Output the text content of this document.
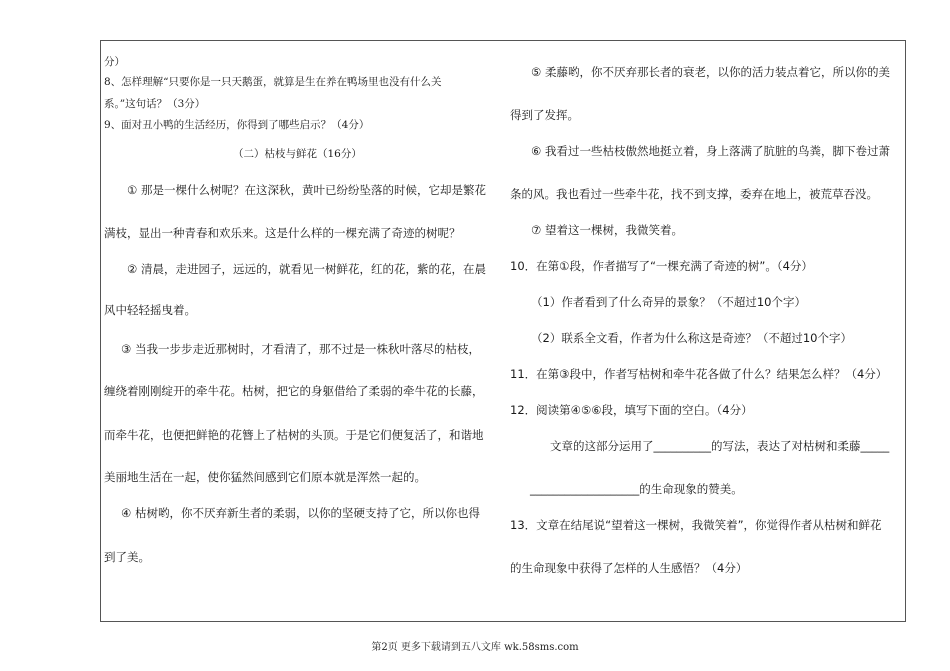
分）
8、怎样理解“只要你是一只天鹅蛋，就算是生在养在鸭场里也没有什么关
系。”这句话？（3分）
9、面对丑小鸭的生活经历，你得到了哪些启示？（4分）
（二）枯枝与鲜花（16分）
① 那是一棵什么树呢？在这深秋，黄叶已纷纷坠落的时候，它却是繁花
满枝，显出一种青春和欢乐来。这是什么样的一棵充满了奇迹的树呢？
② 清晨，走进园子，远远的，就看见一树鲜花，红的花，紫的花，在晨
风中轻轻摇曳着。
③ 当我一步步走近那树时，才看清了，那不过是一株秋叶落尽的枯枝，
缠绕着刚刚绽开的牵牛花。枯树，把它的身躯借给了柔弱的牵牛花的长藤，
而牵牛花，也便把鲜艳的花簪上了枯树的头顶。于是它们便复活了，和谐地
美丽地生活在一起，使你猛然间感到它们原本就是浑然一起的。
④ 枯树哟，你不厌弃新生者的柔弱，以你的坚硬支持了它，所以你也得
到了美。
⑤ 柔藤哟，你不厌弃那长者的衰老，以你的活力装点着它，所以你的美
得到了发挥。
⑥ 我看过一些枯枝傲然地挺立着，身上落满了肮脏的鸟粪，脚下卷过萧
条的风。我也看过一些牵牛花，找不到支撑，委弃在地上，被荒草吞没。
⑦ 望着这一棵树，我微笑着。
10．在第①段，作者描写了“一棵充满了奇迹的树”。（4分）
（1）作者看到了什么奇异的景象？（不超过10个字）
（2）联系全文看，作者为什么称这是奇迹？（不超过10个字）
11．在第③段中，作者写枯树和牵牛花各做了什么？结果怎么样？（4分）
12．阅读第④⑤⑥段，填写下面的空白。（4分）
文章的这部分运用了__________的写法，表达了对枯树和柔藤_____
___________________的生命现象的赞美。
13．文章在结尾说“望着这一棵树，我微笑着”，你觉得作者从枯树和鲜花
的生命现象中获得了怎样的人生感悟？（4分）
第2页 更多下载请到五八文库 wk.58sms.com
